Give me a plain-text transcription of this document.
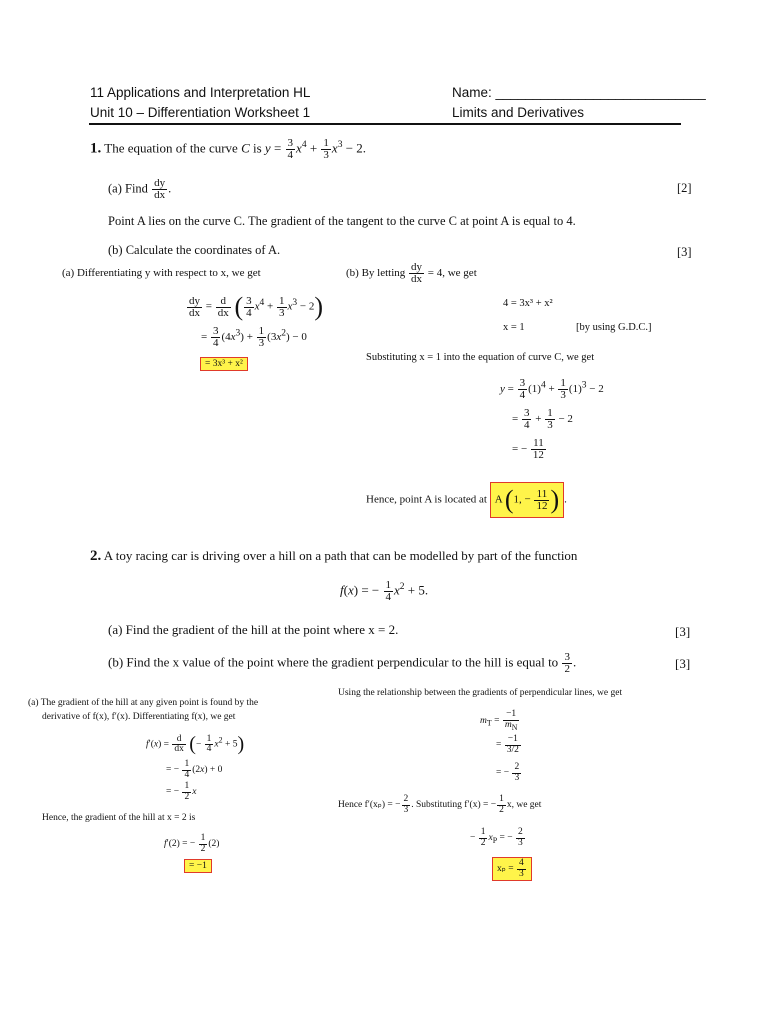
11 Applications and Interpretation HL	Name: ____________________________
Unit 10 – Differentiation Worksheet 1	Limits and Derivatives
1. The equation of the curve C is $y = \frac{3}{4} x^4 + \frac{1}{3} x^3 - 2$.
(a) Find $\frac{dy}{dx}$ .	[2]
Point A lies on the curve C. The gradient of the tangent to the curve C at point A is equal to 4.
(b) Calculate the coordinates of A.	[3]
(a) Differentiating y with respect to x, we get
$\frac{dy}{dx} = \frac{d}{dx}$ ( $\frac{3}{4} x^4 + \frac{1}{3} x^3 - 2$)
= $\frac{3}{4} (4x^3) + \frac{1}{3} (3x^2) - 0$
= 3x³ + x²
(b) By letting $\frac{dy}{dx} = 4$, we get
4 = 3x³ + x²
x = 1	[by using G.D.C.]
Substituting x = 1 into the equation of curve C, we get
$y = \frac{3}{4} (1)^4 + \frac{1}{3} (1)^3 - 2$
= $\frac{3}{4} + \frac{1}{3} - 2$
= − $\frac{11}{12}$
Hence, point A is located at A (1, − $\frac{11}{12}$ ) .
2. A toy racing car is driving over a hill on a path that can be modelled by part of the function
f(x) = − $\frac{1}{4} x^2 + 5$.
(a) Find the gradient of the hill at the point where x = 2.	[3]
(b) Find the x value of the point where the gradient perpendicular to the hill is equal to $\frac{3}{2}$ .	[3]
(a) The gradient of the hill at any given point is found by the
derivative of f(x), f′(x). Differentiating f(x), we get
$f'(x) = \frac{d}{dx}$ (− $\frac{1}{4} x^2 + 5$)
= − $\frac{1}{4} (2x) + 0$
= − $\frac{1}{2}$ x
Hence, the gradient of the hill at x = 2 is
f′(2) = − $\frac{1}{2} (2)$
= −1
Using the relationship between the gradients of perpendicular lines, we get
$m_T = \frac{-1}{m_N}$
= $\frac{-1}{3/2}$
= − $\frac{2}{3}$
Hence f′(xₚ) = − $\frac{2}{3}$ . Substituting f′(x) = − $\frac{1}{2} x$, we get
− $\frac{1}{2} x_P$ = − $\frac{2}{3}$
$x_p = \frac{4}{3}$
